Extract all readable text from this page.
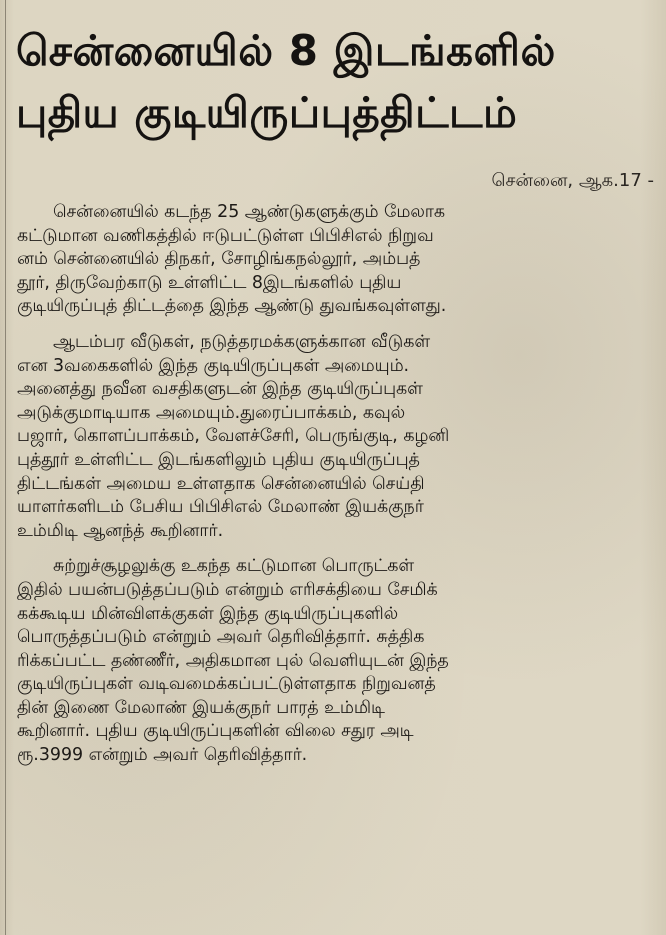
சென்னையில் 8 இடங்களில்
புதிய குடியிருப்புத்திட்டம்
சென்னை, ஆக.17 -

சென்னையில் கடந்த 25 ஆண்டுகளுக்கும் மேலாக
கட்டுமான வணிகத்தில் ஈடுபட்டுள்ள பிபிசிஎல் நிறுவ
னம் சென்னையில் திநகர், சோழிங்கநல்லூர், அம்பத்
தூர், திருவேற்காடு உள்ளிட்ட 8இடங்களில் புதிய
குடியிருப்புத் திட்டத்தை இந்த ஆண்டு துவங்கவுள்ளது.

ஆடம்பர வீடுகள், நடுத்தரமக்களுக்கான வீடுகள்
என 3வகைகளில் இந்த குடியிருப்புகள் அமையும்.
அனைத்து நவீன வசதிகளுடன் இந்த குடியிருப்புகள்
அடுக்குமாடியாக அமையும்.துரைப்பாக்கம், கவுல்
பஜார், கொளப்பாக்கம், வேளச்சேரி, பெருங்குடி, கழனி
புத்தூர் உள்ளிட்ட இடங்களிலும் புதிய குடியிருப்புத்
திட்டங்கள் அமைய உள்ளதாக சென்னையில் செய்தி
யாளர்களிடம் பேசிய பிபிசிஎல் மேலாண் இயக்குநர்
உம்மிடி ஆனந்த் கூறினார்.

சுற்றுச்சூழலுக்கு உகந்த கட்டுமான பொருட்கள்
இதில் பயன்படுத்தப்படும் என்றும் எரிசக்தியை சேமிக்
கக்கூடிய மின்விளக்குகள் இந்த குடியிருப்புகளில்
பொருத்தப்படும் என்றும் அவர் தெரிவித்தார். சுத்திக
ரிக்கப்பட்ட தண்ணீர், அதிகமான புல் வெளியுடன் இந்த
குடியிருப்புகள் வடிவமைக்கப்பட்டுள்ளதாக நிறுவனத்
தின் இணை மேலாண் இயக்குநர் பாரத் உம்மிடி
கூறினார். புதிய குடியிருப்புகளின் விலை சதுர அடி
ரூ.3999 என்றும் அவர் தெரிவித்தார்.
